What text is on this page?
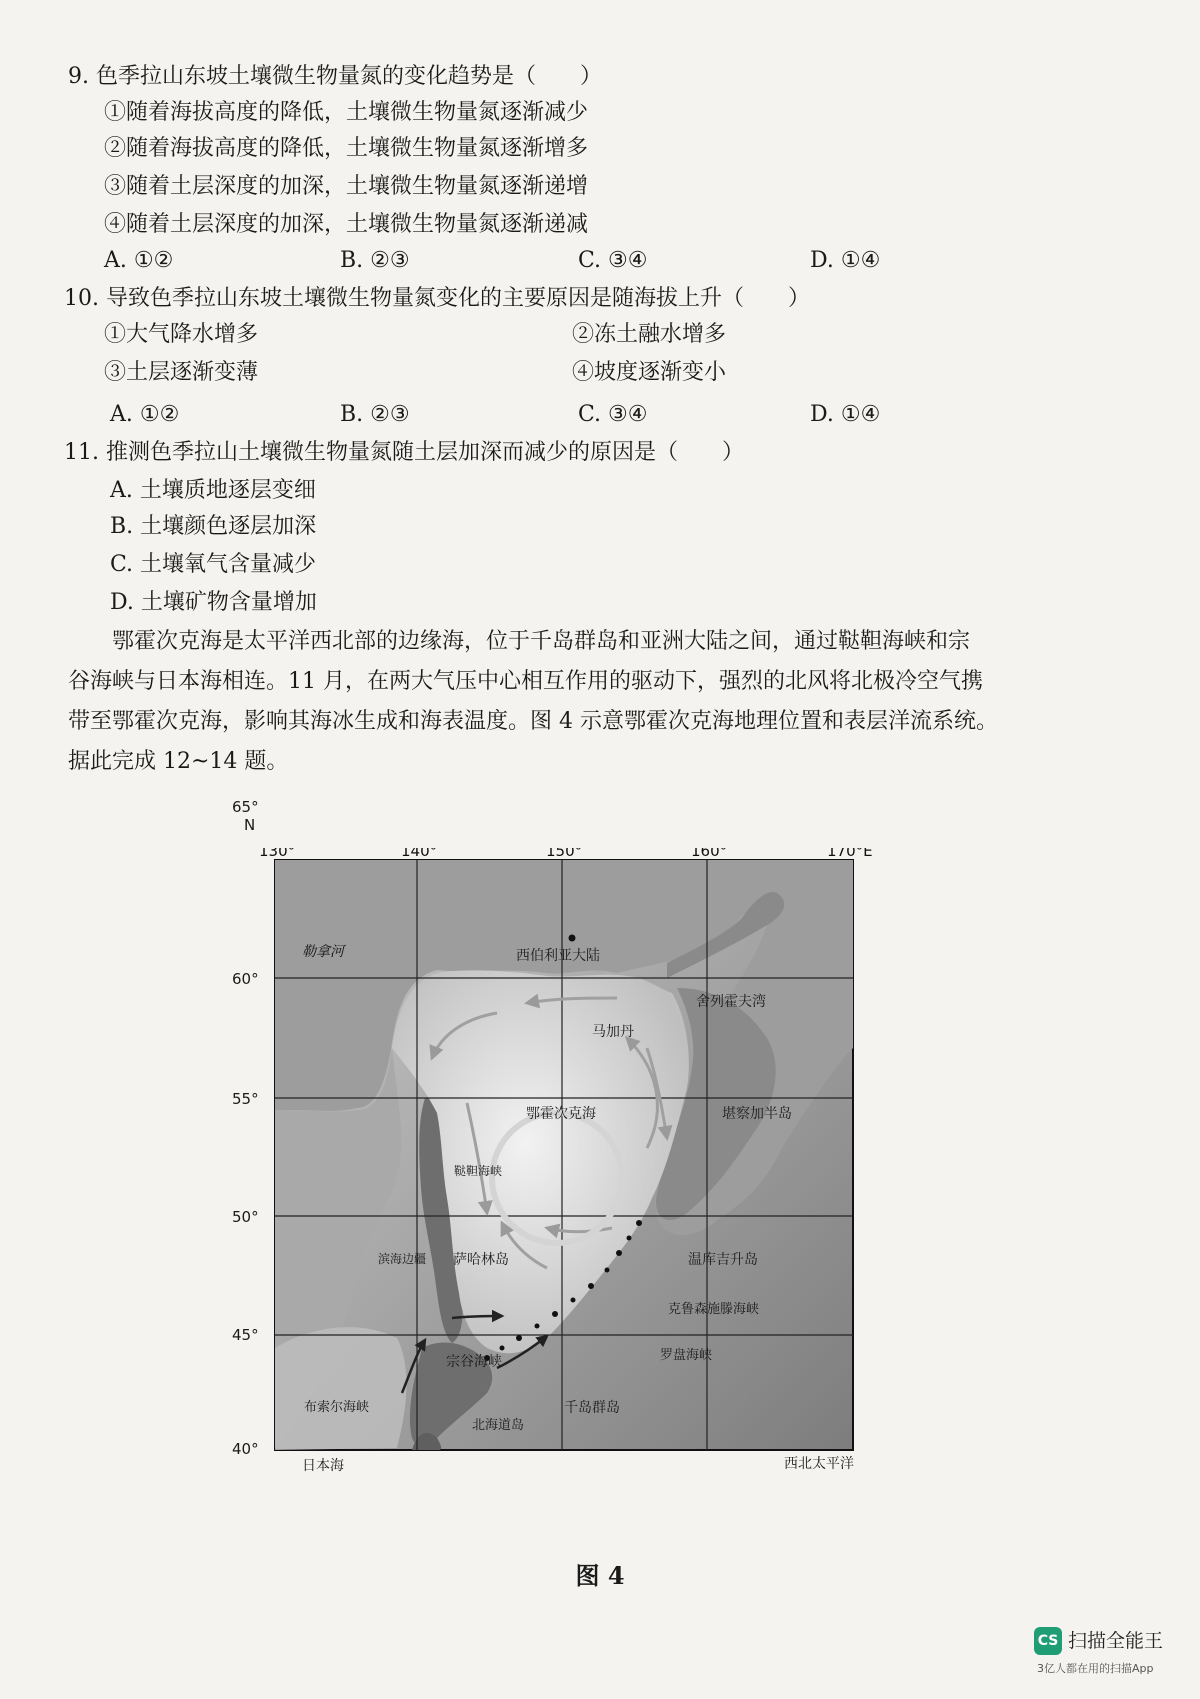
9. 色季拉山东坡土壤微生物量氮的变化趋势是（　　）
①随着海拔高度的降低，土壤微生物量氮逐渐减少
②随着海拔高度的降低，土壤微生物量氮逐渐增多
③随着土层深度的加深，土壤微生物量氮逐渐递增
④随着土层深度的加深，土壤微生物量氮逐渐递减
A. ①②	B. ②③	C. ③④	D. ①④
10. 导致色季拉山东坡土壤微生物量氮变化的主要原因是随海拔上升（　　）
①大气降水增多	②冻土融水增多
③土层逐渐变薄	④坡度逐渐变小
A. ①②	B. ②③	C. ③④	D. ①④
11. 推测色季拉山土壤微生物量氮随土层加深而减少的原因是（　　）
A. 土壤质地逐层变细
B. 土壤颜色逐层加深
C. 土壤氧气含量减少
D. 土壤矿物含量增加
　　鄂霍次克海是太平洋西北部的边缘海，位于千岛群岛和亚洲大陆之间，通过鞑靼海峡和宗
谷海峡与日本海相连。11 月，在两大气压中心相互作用的驱动下，强烈的北风将北极冷空气携
带至鄂霍次克海，影响其海冰生成和海表温度。图 4 示意鄂霍次克海地理位置和表层洋流系统。
据此完成 12~14 题。
130°	140°	150°	160°	170°E
65°
N
60°
55°
50°
45°
40°
勒拿河	西伯利亚大陆
舍列霍夫湾
马加丹
鄂霍次克海	堪察加半岛
鞑靼海峡
萨哈林岛	温库吉升岛
滨海边疆
克鲁森施滕海峡
罗盘海峡
宗谷海峡
千岛群岛
北海道岛
布索尔海峡
日本海	西北太平洋
图 4
CS 扫描全能王
3亿人都在用的扫描App
